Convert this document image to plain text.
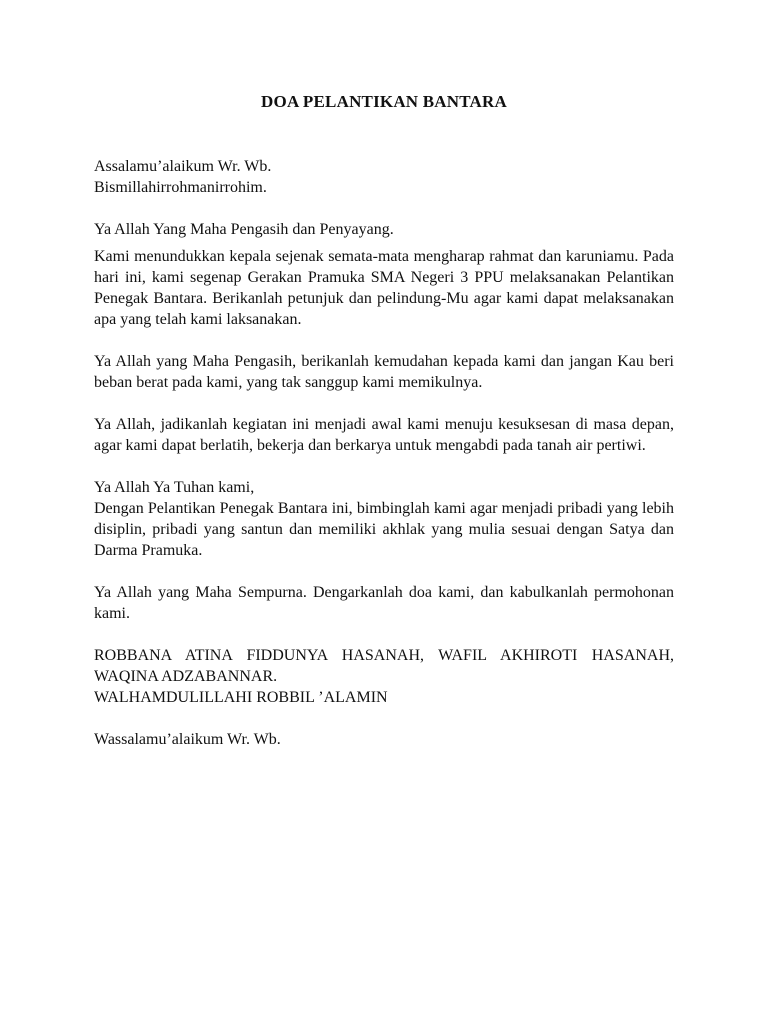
DOA PELANTIKAN BANTARA

Assalamu’alaikum Wr. Wb.

Bismillahirrohmanirrohim.

Ya Allah Yang Maha Pengasih dan Penyayang.

Kami menundukkan kepala sejenak semata-mata mengharap rahmat dan karuniamu. Pada hari ini, kami segenap Gerakan Pramuka SMA Negeri 3 PPU melaksanakan Pelantikan Penegak Bantara. Berikanlah petunjuk dan pelindung-Mu agar kami dapat melaksanakan apa yang telah kami laksanakan.

Ya Allah yang Maha Pengasih, berikanlah kemudahan kepada kami dan jangan Kau beri beban berat pada kami, yang tak sanggup kami memikulnya.

Ya Allah, jadikanlah kegiatan ini menjadi awal kami menuju kesuksesan di masa depan, agar kami dapat berlatih, bekerja dan berkarya untuk mengabdi pada tanah air pertiwi.

Ya Allah Ya Tuhan kami,

Dengan Pelantikan Penegak Bantara ini, bimbinglah kami agar menjadi pribadi yang lebih disiplin, pribadi yang santun dan memiliki akhlak yang mulia sesuai dengan Satya dan Darma Pramuka.

Ya Allah yang Maha Sempurna. Dengarkanlah doa kami, dan kabulkanlah permohonan kami.

ROBBANA ATINA FIDDUNYA HASANAH, WAFIL AKHIROTI HASANAH, WAQINA ADZABANNAR.

WALHAMDULILLAHI ROBBIL ’ALAMIN

Wassalamu’alaikum Wr. Wb.
